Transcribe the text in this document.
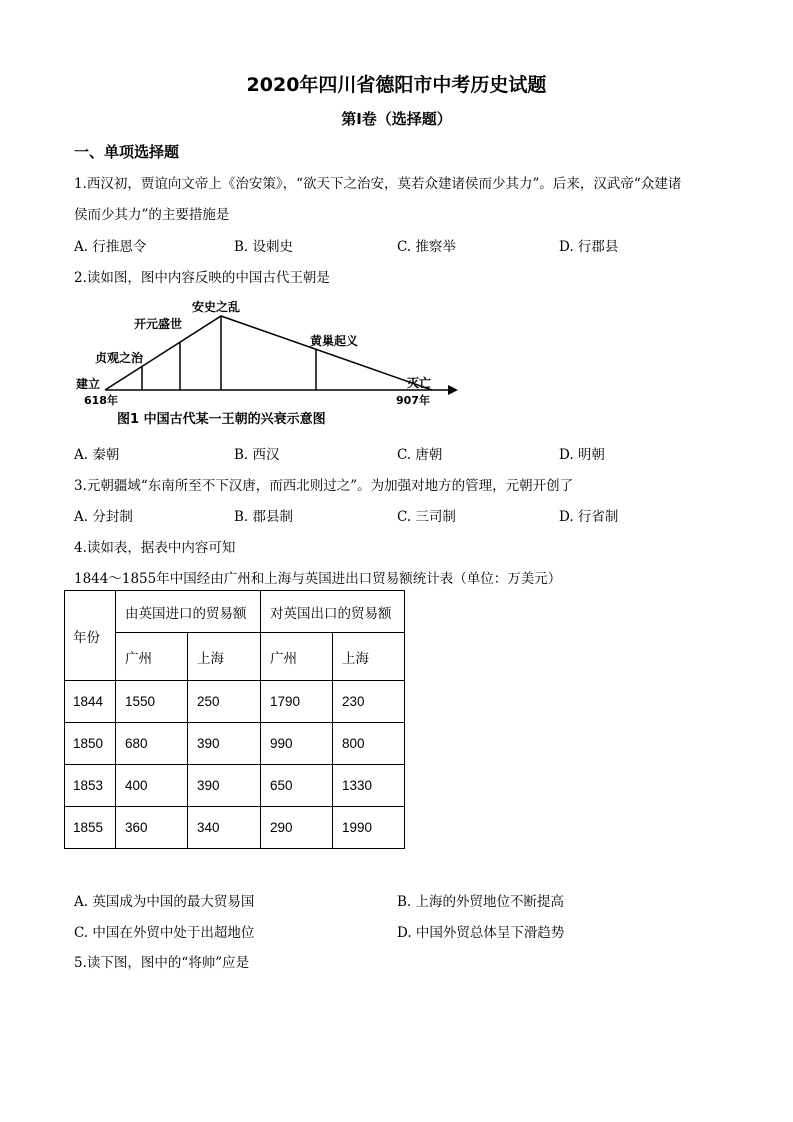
2020年四川省德阳市中考历史试题
第Ⅰ卷（选择题）
一、单项选择题
1.西汉初，贾谊向文帝上《治安策》，“欲天下之治安，莫若众建诸侯而少其力”。后来，汉武帝“众建诸
侯而少其力”的主要措施是
A. 行推恩令	B. 设刺史	C. 推察举	D. 行郡县
2.读如图，图中内容反映的中国古代王朝是
建立
贞观之治
开元盛世
安史之乱
黄巢起义
灭亡
618年	907年
图1 中国古代某一王朝的兴衰示意图
A. 秦朝	B. 西汉	C. 唐朝	D. 明朝
3.元朝疆域“东南所至不下汉唐，而西北则过之”。为加强对地方的管理，元朝开创了
A. 分封制	B. 郡县制	C. 三司制	D. 行省制
4.读如表，据表中内容可知
1844～1855年中国经由广州和上海与英国进出口贸易额统计表（单位：万美元）
年份	由英国进口的贸易额		对英国出口的贸易额	
	广州	上海	广州	上海
1844	1550	250	1790	230
1850	680	390	990	800
1853	400	390	650	1330
1855	360	340	290	1990
A. 英国成为中国的最大贸易国	B. 上海的外贸地位不断提高
C. 中国在外贸中处于出超地位	D. 中国外贸总体呈下滑趋势
5.读下图，图中的“将帅”应是
